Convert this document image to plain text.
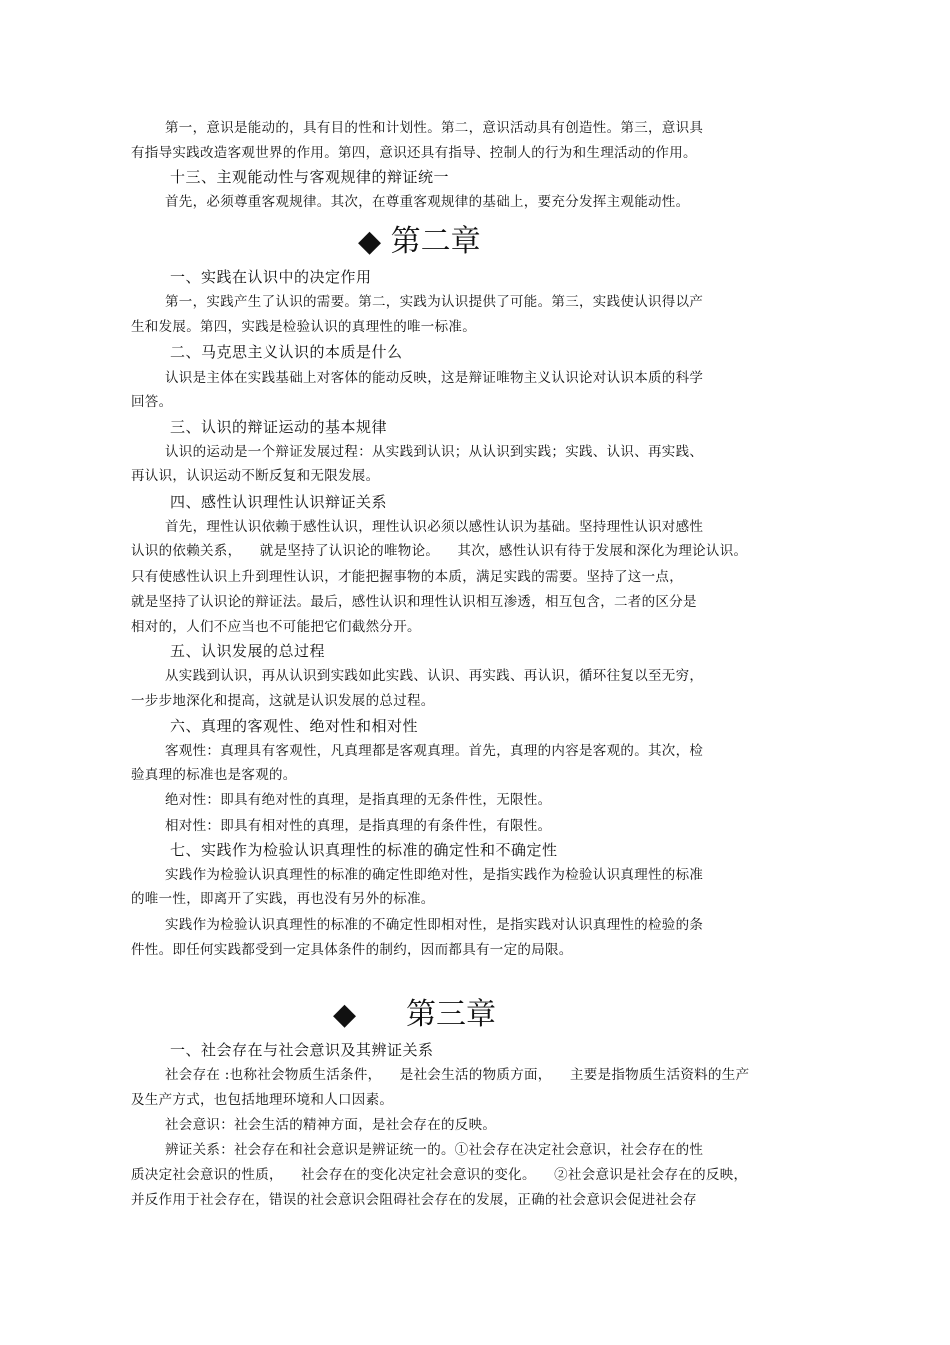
第一，意识是能动的，具有目的性和计划性。第二，意识活动具有创造性。第三，意识具
有指导实践改造客观世界的作用。第四，意识还具有指导、控制人的行为和生理活动的作用。
十三、主观能动性与客观规律的辩证统一
首先，必须尊重客观规律。其次，在尊重客观规律的基础上，要充分发挥主观能动性。
◆ 第二章
一、实践在认识中的决定作用
第一，实践产生了认识的需要。第二，实践为认识提供了可能。第三，实践使认识得以产
生和发展。第四，实践是检验认识的真理性的唯一标准。
二、马克思主义认识的本质是什么
认识是主体在实践基础上对客体的能动反映，这是辩证唯物主义认识论对认识本质的科学
回答。
三、认识的辩证运动的基本规律
认识的运动是一个辩证发展过程：从实践到认识；从认识到实践；实践、认识、再实践、
再认识，认识运动不断反复和无限发展。
四、感性认识理性认识辩证关系
首先，理性认识依赖于感性认识，理性认识必须以感性认识为基础。坚持理性认识对感性
认识的依赖关系，    就是坚持了认识论的唯物论。    其次，感性认识有待于发展和深化为理论认识。
只有使感性认识上升到理性认识，才能把握事物的本质，满足实践的需要。坚持了这一点，
就是坚持了认识论的辩证法。最后，感性认识和理性认识相互渗透，相互包含，二者的区分是
相对的，人们不应当也不可能把它们截然分开。
五、认识发展的总过程
从实践到认识，再从认识到实践如此实践、认识、再实践、再认识，循环往复以至无穷，
一步步地深化和提高，这就是认识发展的总过程。
六、真理的客观性、绝对性和相对性
客观性：真理具有客观性，凡真理都是客观真理。首先，真理的内容是客观的。其次，检
验真理的标准也是客观的。
绝对性：即具有绝对性的真理，是指真理的无条件性，无限性。
相对性：即具有相对性的真理，是指真理的有条件性，有限性。
七、实践作为检验认识真理性的标准的确定性和不确定性
实践作为检验认识真理性的标准的确定性即绝对性，是指实践作为检验认识真理性的标准
的唯一性，即离开了实践，再也没有另外的标准。
实践作为检验认识真理性的标准的不确定性即相对性，是指实践对认识真理性的检验的条
件性。即任何实践都受到一定具体条件的制约，因而都具有一定的局限。
◆ 第三章
一、社会存在与社会意识及其辨证关系
社会存在 :也称社会物质生活条件，    是社会生活的物质方面，    主要是指物质生活资料的生产
及生产方式，也包括地理环境和人口因素。
社会意识：社会生活的精神方面，是社会存在的反映。
辨证关系：社会存在和社会意识是辨证统一的。①社会存在决定社会意识，社会存在的性
质决定社会意识的性质，    社会存在的变化决定社会意识的变化。    ②社会意识是社会存在的反映，
并反作用于社会存在，错误的社会意识会阻碍社会存在的发展，正确的社会意识会促进社会存
